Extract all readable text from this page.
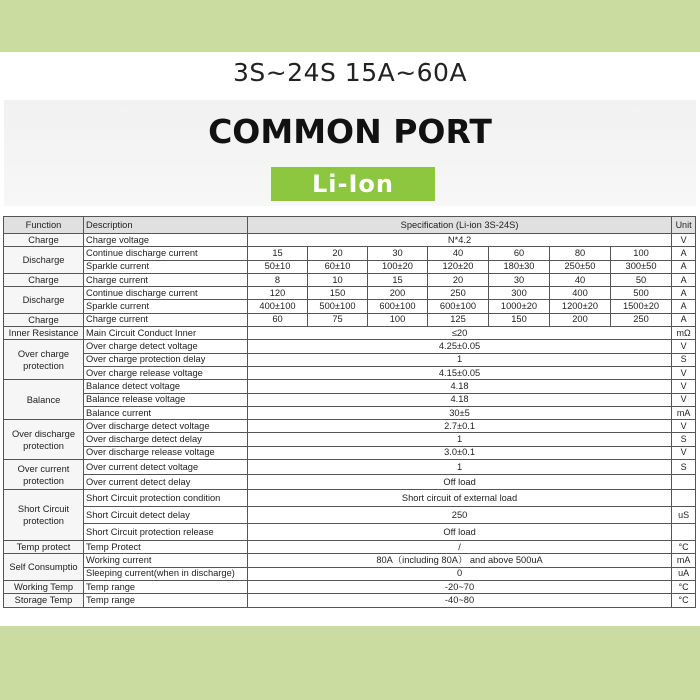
3S~24S 15A~60A
COMMON PORT
Li-Ion
Function	Description	Specification (Li-ion 3S-24S)							Unit
Charge	Charge voltage	N*4.2							V
Discharge	Continue discharge current	15	20	30	40	60	80	100	A
	Sparkle current	50±10	60±10	100±20	120±20	180±30	250±50	300±50	A
Charge	Charge current	8	10	15	20	30	40	50	A
Discharge	Continue discharge current	120	150	200	250	300	400	500	A
	Sparkle current	400±100	500±100	600±100	600±100	1000±20	1200±20	1500±20	A
Charge	Charge current	60	75	100	125	150	200	250	A
Inner Resistance	Main Circuit Conduct Inner	≤20							mΩ
Over charge protection	Over charge detect voltage	4.25±0.05							V
	Over charge protection delay	1							S
	Over charge release voltage	4.15±0.05							V
Balance	Balance detect voltage	4.18							V
	Balance release voltage	4.18							V
	Balance current	30±5							mA
Over discharge protection	Over discharge detect voltage	2.7±0.1							V
	Over discharge detect delay	1							S
	Over discharge release voltage	3.0±0.1							V
Over current protection	Over current detect voltage	1							S
	Over current detect delay	Off load							
Short Circuit protection	Short Circuit protection condition	Short circuit of external load							
	Short Circuit detect delay	250							uS
	Short Circuit protection release	Off load							
Temp protect	Temp Protect	/							°C
Self Consumptio	Working current	80A（including 80A） and above 500uA							mA
	Sleeping current(when in discharge)	0							uA
Working Temp	Temp range	-20~70							°C
Storage Temp	Temp range	-40~80							°C
